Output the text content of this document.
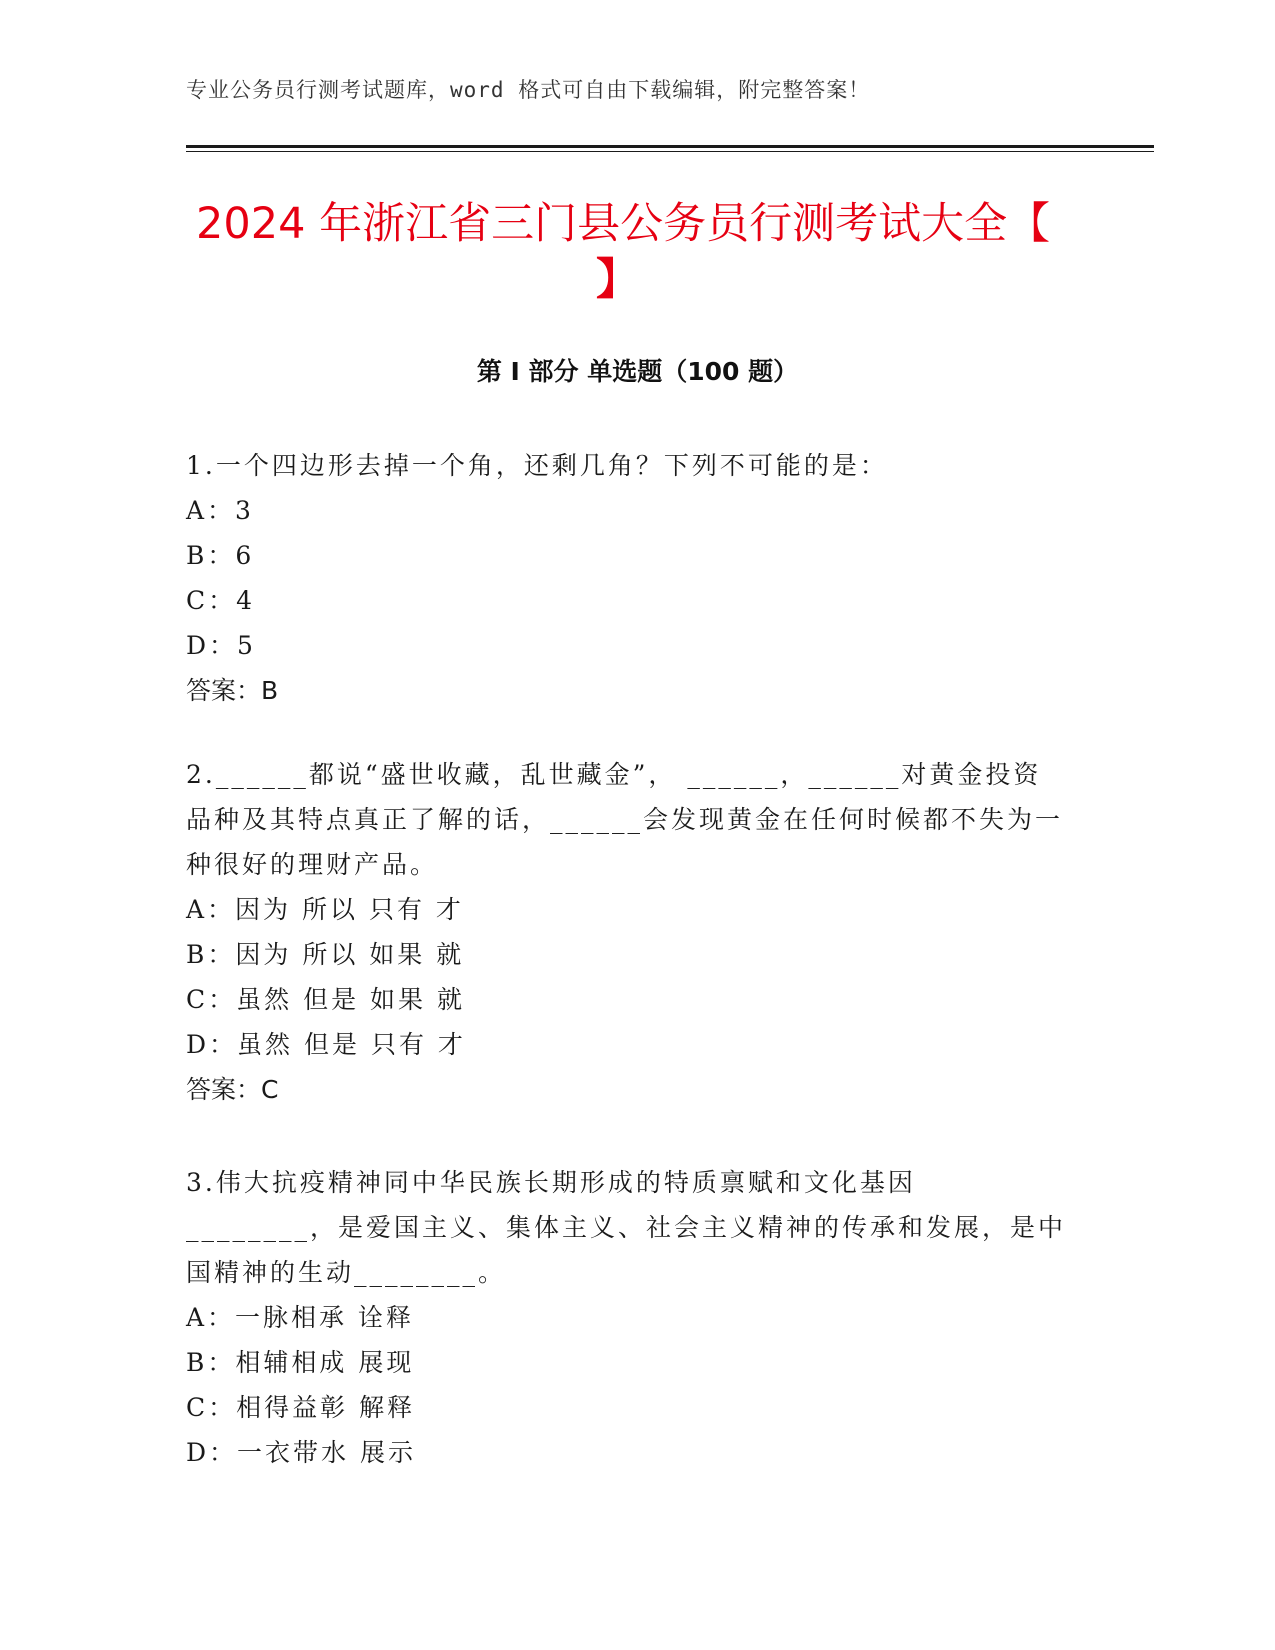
专业公务员行测考试题库，word 格式可自由下载编辑，附完整答案！
2024 年浙江省三门县公务员行测考试大全【
】
第 I 部分 单选题（100 题）
1.一个四边形去掉一个角，还剩几角？下列不可能的是：
A：3
B：6
C：4
D：5
答案：B
2.______都说“盛世收藏，乱世藏金”， ______，______对黄金投资品种及其特点真正了解的话，______会发现黄金在任何时候都不失为一种很好的理财产品。
A：因为 所以 只有 才
B：因为 所以 如果 就
C：虽然 但是 如果 就
D：虽然 但是 只有 才
答案：C
3.伟大抗疫精神同中华民族长期形成的特质禀赋和文化基因________，是爱国主义、集体主义、社会主义精神的传承和发展，是中国精神的生动________。
A：一脉相承 诠释
B：相辅相成 展现
C：相得益彰 解释
D：一衣带水 展示
